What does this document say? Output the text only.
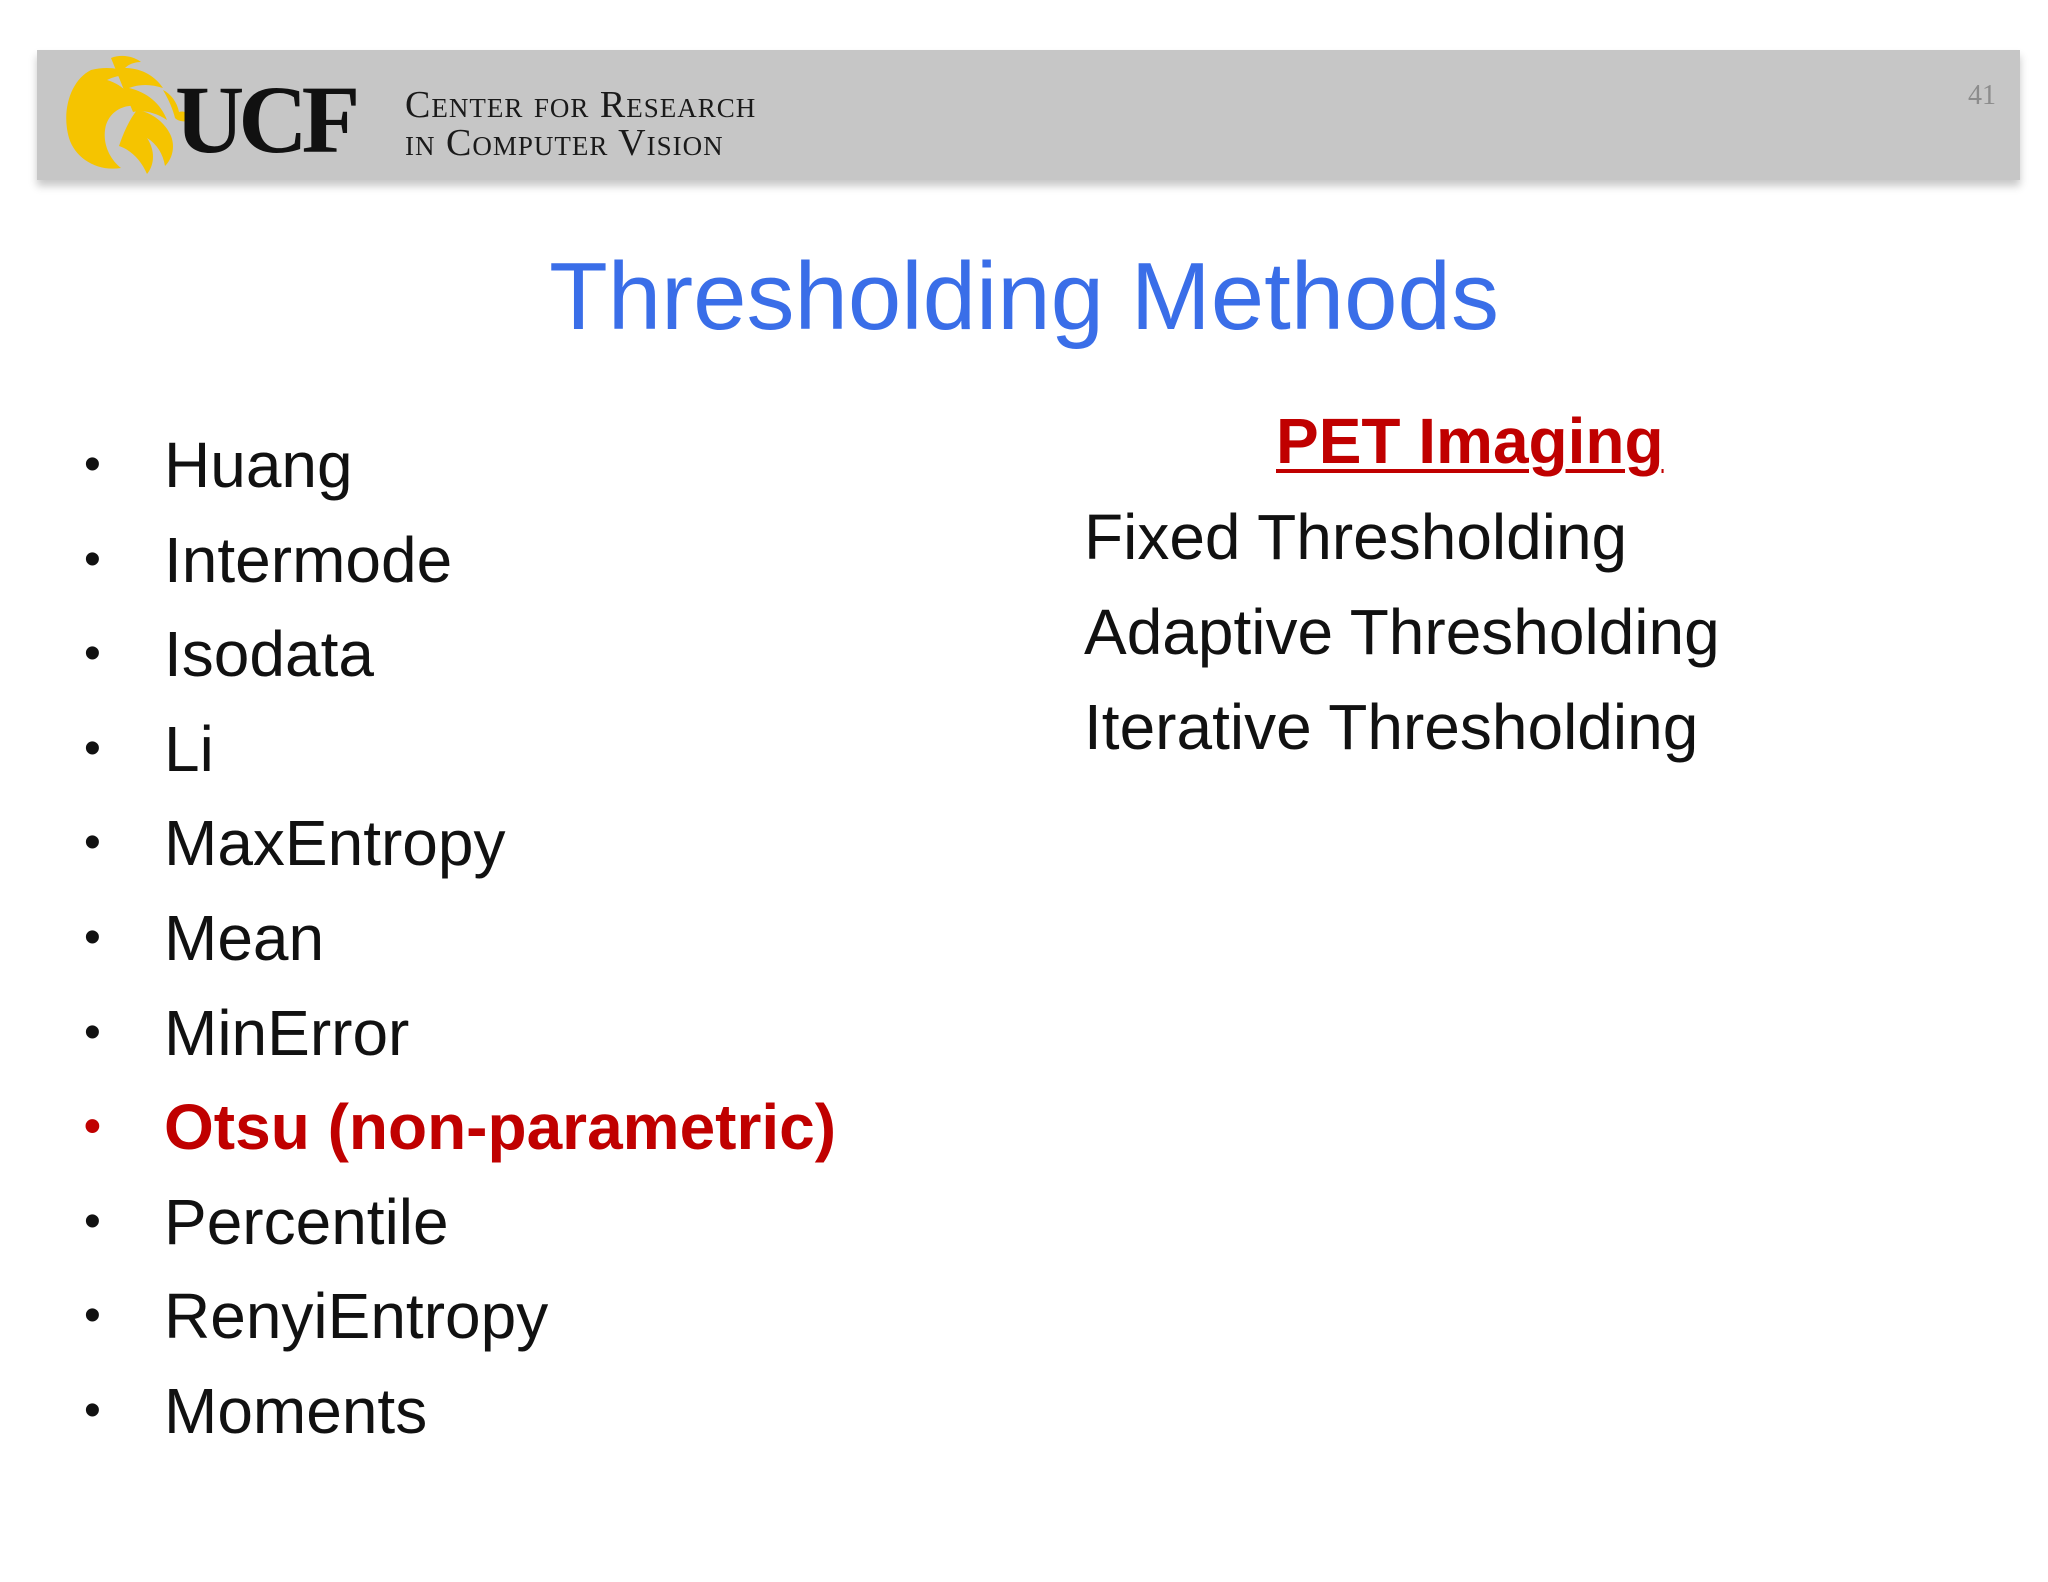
UCF Center for Research
in Computer Vision
41
Thresholding Methods
• Huang
• Intermode
• Isodata
• Li
• MaxEntropy
• Mean
• MinError
• Otsu (non-parametric)
• Percentile
• RenyiEntropy
• Moments
PET Imaging
Fixed Thresholding
Adaptive Thresholding
Iterative Thresholding
